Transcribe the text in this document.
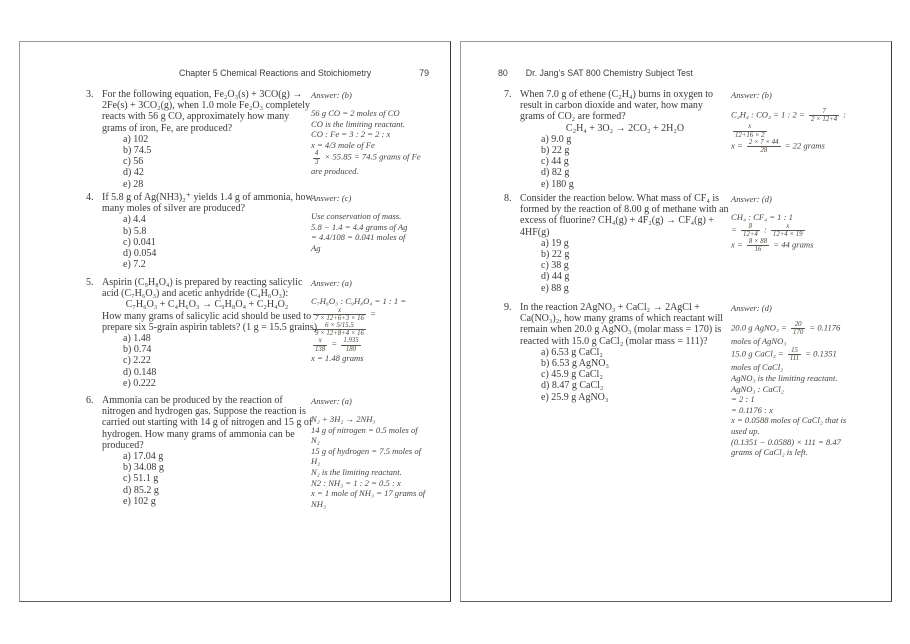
Chapter 5 Chemical Reactions and Stoichiometry	79
3. For the following equation, Fe₂O₃(s) + 3CO(g) →
2Fe(s) + 3CO₂(g), when 1.0 mole Fe₂O₃ completely
reacts with 56 g CO, approximately how many
grams of iron, Fe, are produced?
a) 102
b) 74.5
c) 56
d) 42
e) 28
Answer: (b)
56 g CO = 2 moles of CO
CO is the limiting reactant.
CO : Fe = 3 : 2 = 2 : x
x = 4/3 mole of Fe
$\frac{4}{3} \times 55.85 = 74.5$ grams of Fe
are produced.
4. If 5.8 g of Ag(NH3)₂⁺ yields 1.4 g of ammonia, how
many moles of silver are produced?
a) 4.4
b) 5.8
c) 0.041
d) 0.054
e) 7.2
Answer: (c)
Use conservation of mass.
5.8 − 1.4 = 4.4 grams of Ag
= 4.4/108 = 0.041 moles of
Ag
5. Aspirin (C₉H₈O₄) is prepared by reacting salicylic
acid (C₇H₆O₃) and acetic anhydride (C₄H₆O₃):
C₇H₆O₃ + C₄H₆O₃ → C₉H₈O₄ + C₂H₄O₂
How many grams of salicylic acid should be used to
prepare six 5-grain aspirin tablets? (1 g = 15.5 grains)
a) 1.48
b) 0.74
c) 2.22
d) 0.148
e) 0.222
Answer: (a)
C₇H₆O₃ : C₉H₈O₄ = 1 : 1 =
$\frac{x}{7 \times 12+6+3 \times 16}$ =
$\frac{6 \times 5/15.5}{9 \times 12+8+4 \times 16}$
$\frac{x}{138} = \frac{1.935}{180}$
x = 1.48 grams
6. Ammonia can be produced by the reaction of
nitrogen and hydrogen gas. Suppose the reaction is
carried out starting with 14 g of nitrogen and 15 g of
hydrogen. How many grams of ammonia can be
produced?
a) 17.04 g
b) 34.08 g
c) 51.1 g
d) 85.2 g
e) 102 g
Answer: (a)
N₂ + 3H₂ → 2NH₃
14 g of nitrogen = 0.5 moles of
N₂
15 g of hydrogen = 7.5 moles of
H₂
N₂ is the limiting reactant.
N2 : NH₃ = 1 : 2 = 0.5 : x
x = 1 mole of NH₃ = 17 grams of
NH₃
80 Dr. Jang’s SAT 800 Chemistry Subject Test
7. When 7.0 g of ethene (C₂H₄) burns in oxygen to
result in carbon dioxide and water, how many
grams of CO₂ are formed?
C₂H₄ + 3O₂ → 2CO₂ + 2H₂O
a) 9.0 g
b) 22 g
c) 44 g
d) 82 g
e) 180 g
Answer: (b)
C₂H₄ : CO₂ = 1 : $2 = \frac{7}{2 \times 12+4}$ :
$\frac{x}{12+16 \times 2}$
$x = \frac{2 \times 7 \times 44}{28} = 22$ grams
8. Consider the reaction below. What mass of CF₄ is
formed by the reaction of 8.00 g of methane with an
excess of fluorine? CH₄(g) + 4F₂(g) → CF₄(g) +
4HF(g)
a) 19 g
b) 22 g
c) 38 g
d) 44 g
e) 88 g
Answer: (d)
CH₄ : CF₄ = 1 : 1
= $\frac{8}{12+4}$ : $\frac{x}{12+4 \times 19}$
$x = \frac{8 \times 88}{16} = 44$ grams
9. In the reaction 2AgNO₃ + CaCl₂ → 2AgCl +
Ca(NO₃)₂, how many grams of which reactant will
remain when 20.0 g AgNO₃ (molar mass = 170) is
reacted with 15.0 g CaCl₂ (molar mass = 111)?
a) 6.53 g CaCl₂
b) 6.53 g AgNO₃
c) 45.9 g CaCl₂
d) 8.47 g CaCl₂
e) 25.9 g AgNO₃
Answer: (d)
20.0 g AgNO₃ = $\frac{20}{170} = 0.1176$
moles of AgNO₃
15.0 g CaCl₂ = $\frac{15}{111} = 0.1351$
moles of CaCl₂
AgNO₃ is the limiting reactant.
AgNO₃ : CaCl₂
= 2 : 1
= 0.1176 : x
x = 0.0588 moles of CaCl₂ that is
used up.
(0.1351 − 0.0588) × 111 = 8.47
grams of CaCl₂ is left.
